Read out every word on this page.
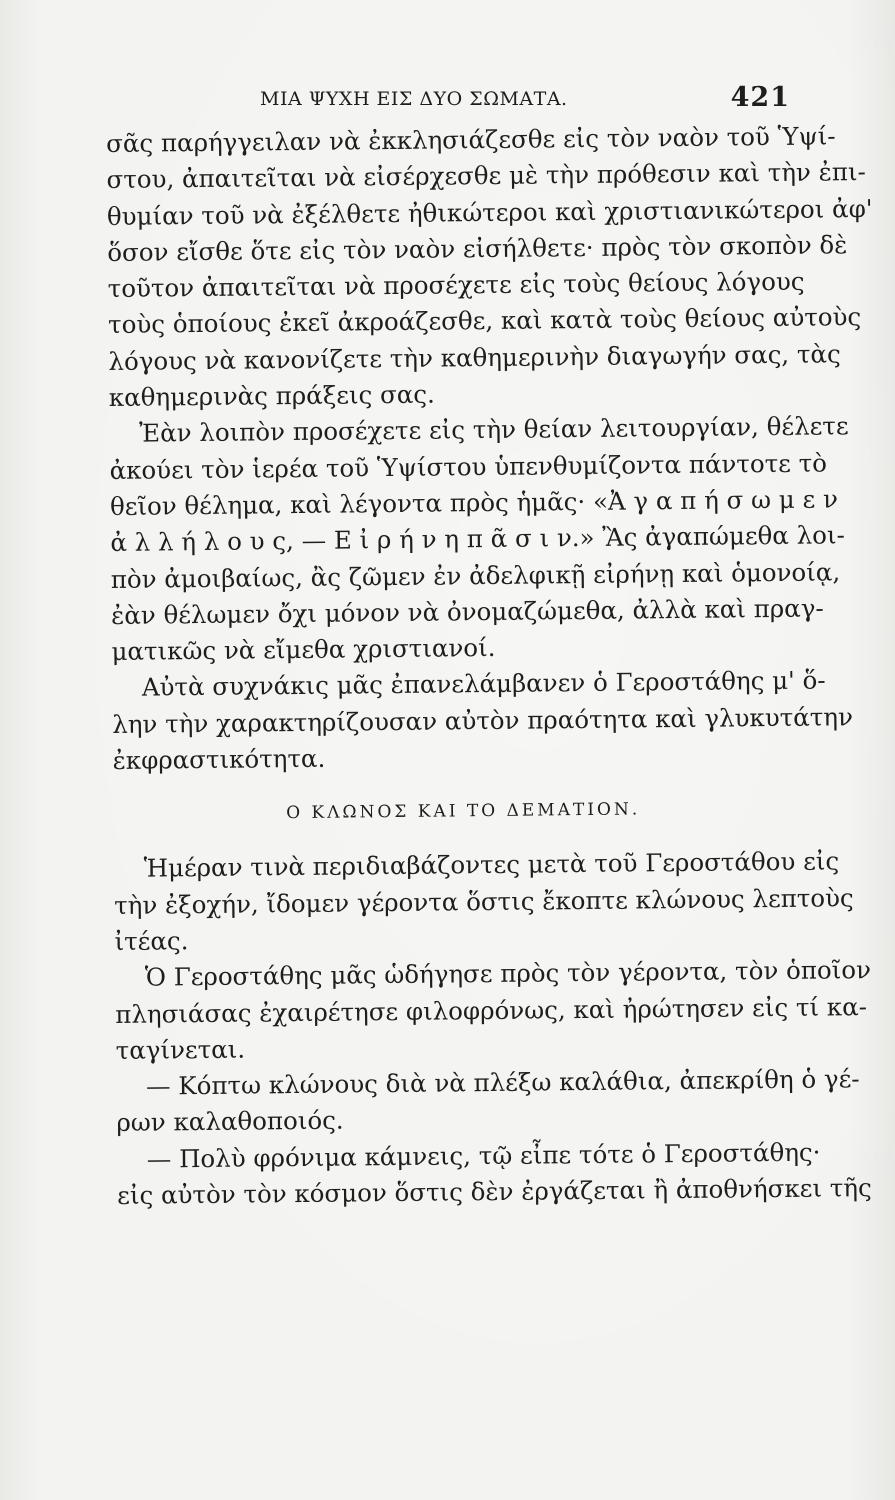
ΜΙΑ ΨΥΧΗ ΕΙΣ ΔΥΟ ΣΩΜΑΤΑ.	421
σᾶς παρήγγειλαν νὰ ἐκκλησιάζεσθε εἰς τὸν ναὸν τοῦ Ὑψί-
στου, ἀπαιτεῖται νὰ εἰσέρχεσθε μὲ τὴν πρόθεσιν καὶ τὴν ἐπι-
θυμίαν τοῦ νὰ ἐξέλθετε ἠθικώτεροι καὶ χριστιανικώτεροι ἀφ'
ὅσον εἴσθε ὅτε εἰς τὸν ναὸν εἰσήλθετε· πρὸς τὸν σκοπὸν δὲ
τοῦτον ἀπαιτεῖται νὰ προσέχετε εἰς τοὺς θείους λόγους
τοὺς ὁποίους ἐκεῖ ἀκροάζεσθε, καὶ κατὰ τοὺς θείους αὐτοὺς
λόγους νὰ κανονίζετε τὴν καθημερινὴν διαγωγήν σας, τὰς
καθημερινὰς πράξεις σας.
Ἐὰν λοιπὸν προσέχετε εἰς τὴν θείαν λειτουργίαν, θέλετε
ἀκούει τὸν ἱερέα τοῦ Ὑψίστου ὑπενθυμίζοντα πάντοτε τὸ
θεῖον θέλημα, καὶ λέγοντα πρὸς ἡμᾶς· «Ἀ γ α π ή σ ω μ ε ν
ἀ λ λ ή λ ο υ ς, — Ε ἰ ρ ή ν η π ᾶ σ ι ν.» Ἂς ἀγαπώμεθα λοι-
πὸν ἀμοιβαίως, ἂς ζῶμεν ἐν ἀδελφικῇ εἰρήνῃ καὶ ὁμονοίᾳ,
ἐὰν θέλωμεν ὄχι μόνον νὰ ὀνομαζώμεθα, ἀλλὰ καὶ πραγ-
ματικῶς νὰ εἴμεθα χριστιανοί.
Αὐτὰ συχνάκις μᾶς ἐπανελάμβανεν ὁ Γεροστάθης μ' ὅ-
λην τὴν χαρακτηρίζουσαν αὐτὸν πραότητα καὶ γλυκυτάτην
ἐκφραστικότητα.
Ο ΚΛΩΝΟΣ ΚΑΙ ΤΟ ΔΕΜΑΤΙΟΝ.
Ἡμέραν τινὰ περιδιαβάζοντες μετὰ τοῦ Γεροστάθου εἰς
τὴν ἐξοχήν, ἴδομεν γέροντα ὅστις ἔκοπτε κλώνους λεπτοὺς
ἰτέας.
Ὁ Γεροστάθης μᾶς ὡδήγησε πρὸς τὸν γέροντα, τὸν ὁποῖον
πλησιάσας ἐχαιρέτησε φιλοφρόνως, καὶ ἠρώτησεν εἰς τί κα-
ταγίνεται.
— Κόπτω κλώνους διὰ νὰ πλέξω καλάθια, ἀπεκρίθη ὁ γέ-
ρων καλαθοποιός.
— Πολὺ φρόνιμα κάμνεις, τῷ εἶπε τότε ὁ Γεροστάθης·
εἰς αὐτὸν τὸν κόσμον ὅστις δὲν ἐργάζεται ἢ ἀποθνήσκει τῆς
